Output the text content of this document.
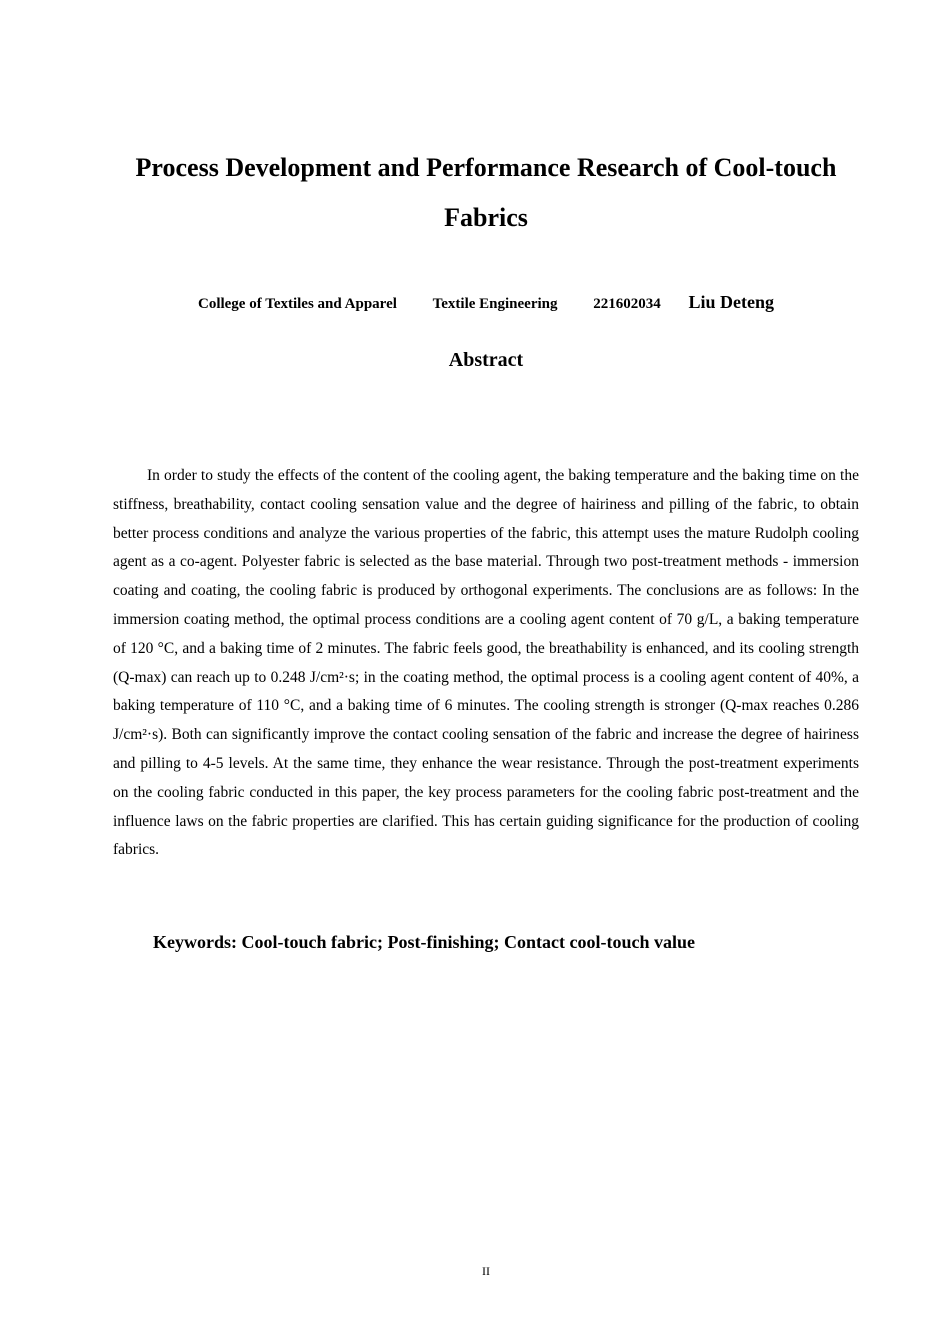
Process Development and Performance Research of Cool-touch Fabrics
College of Textiles and Apparel Textile Engineering 221602034 Liu Deteng
Abstract

In order to study the effects of the content of the cooling agent, the baking temperature and the baking time on the stiffness, breathability, contact cooling sensation value and the degree of hairiness and pilling of the fabric, to obtain better process conditions and analyze the various properties of the fabric, this attempt uses the mature Rudolph cooling agent as a co-agent. Polyester fabric is selected as the base material. Through two post-treatment methods - immersion coating and coating, the cooling fabric is produced by orthogonal experiments. The conclusions are as follows: In the immersion coating method, the optimal process conditions are a cooling agent content of 70 g/L, a baking temperature of 120 °C, and a baking time of 2 minutes. The fabric feels good, the breathability is enhanced, and its cooling strength (Q-max) can reach up to 0.248 J/cm²·s; in the coating method, the optimal process is a cooling agent content of 40%, a baking temperature of 110 °C, and a baking time of 6 minutes. The cooling strength is stronger (Q-max reaches 0.286 J/cm²·s). Both can significantly improve the contact cooling sensation of the fabric and increase the degree of hairiness and pilling to 4-5 levels. At the same time, they enhance the wear resistance. Through the post-treatment experiments on the cooling fabric conducted in this paper, the key process parameters for the cooling fabric post-treatment and the influence laws on the fabric properties are clarified. This has certain guiding significance for the production of cooling fabrics.

Keywords: Cool-touch fabric; Post-finishing; Contact cool-touch value
II
